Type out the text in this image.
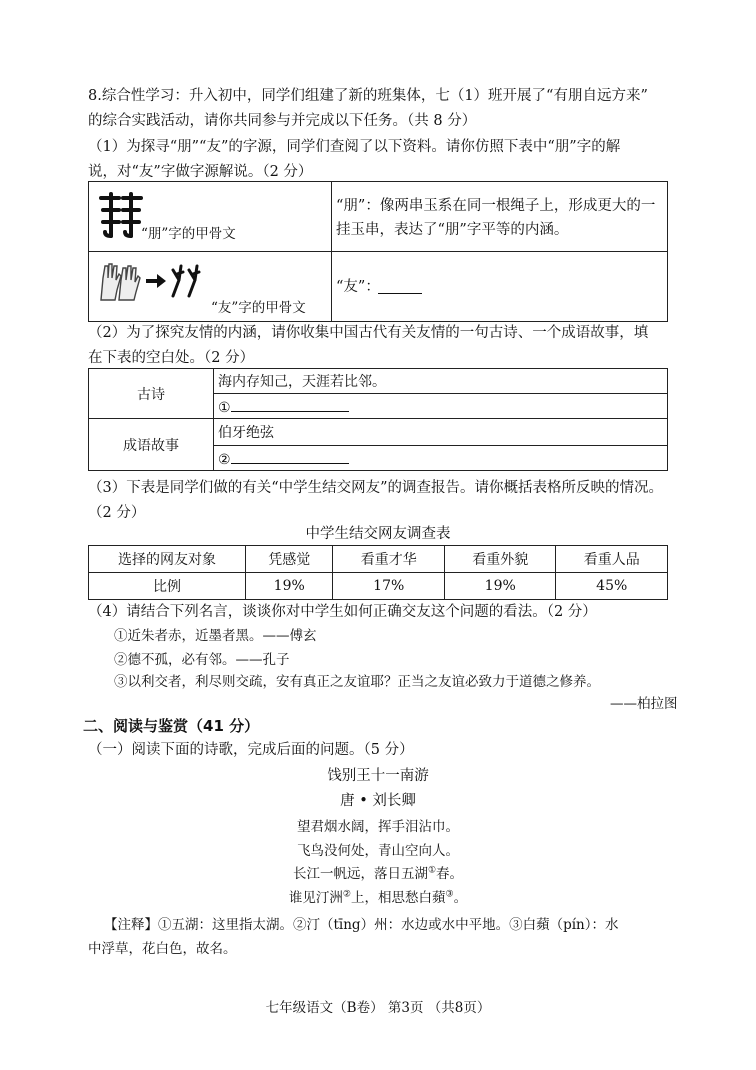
8.综合性学习：升入初中，同学们组建了新的班集体，七（1）班开展了“有朋自远方来”
的综合实践活动，请你共同参与并完成以下任务。（共 8 分）
（1）为探寻“朋”“友”的字源，同学们查阅了以下资料。请你仿照下表中“朋”字的解
说，对“友”字做字源解说。（2 分）
“朋”字的甲骨文	“朋”：像两串玉系在同一根绳子上，形成更大的一
挂玉串，表达了“朋”字平等的内涵。

“友”字的甲骨文	“友”：
（2）为了探究友情的内涵，请你收集中国古代有关友情的一句古诗、一个成语故事，填
在下表的空白处。（2 分）
古诗	海内存知己，天涯若比邻。
	①
成语故事	伯牙绝弦
	②
（3）下表是同学们做的有关“中学生结交网友”的调查报告。请你概括表格所反映的情况。
（2 分）
中学生结交网友调查表
选择的网友对象	凭感觉	看重才华	看重外貌	看重人品
比例	19%	17%	19%	45%
（4）请结合下列名言，谈谈你对中学生如何正确交友这个问题的看法。（2 分）
①近朱者赤，近墨者黑。——傅玄
②德不孤，必有邻。——孔子
③以利交者，利尽则交疏，安有真正之友谊耶？正当之友谊必致力于道德之修养。
——柏拉图
二、阅读与鉴赏（41 分）
（一）阅读下面的诗歌，完成后面的问题。（5 分）
饯别王十一南游
唐 • 刘长卿
望君烟水阔，挥手泪沾巾。
飞鸟没何处，青山空向人。
长江一帆远，落日五湖①春。
谁见汀洲②上，相思愁白蘋③。
【注释】①五湖：这里指太湖。②汀（tīng）州：水边或水中平地。③白蘋（pín）：水
中浮草，花白色，故名。
七年级语文（B卷） 第3页 （共8页）
